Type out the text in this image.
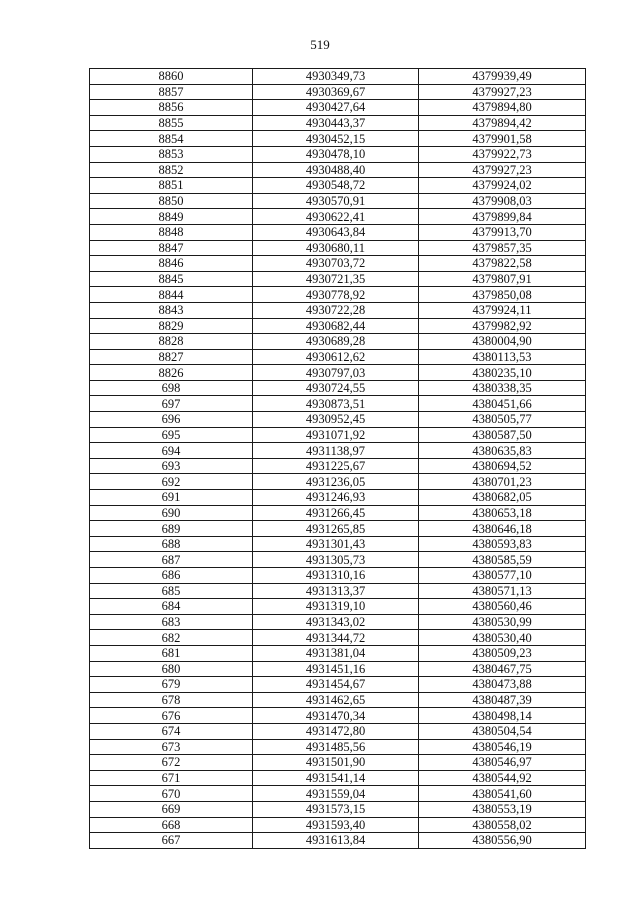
519
8860	4930349,73	4379939,49
8857	4930369,67	4379927,23
8856	4930427,64	4379894,80
8855	4930443,37	4379894,42
8854	4930452,15	4379901,58
8853	4930478,10	4379922,73
8852	4930488,40	4379927,23
8851	4930548,72	4379924,02
8850	4930570,91	4379908,03
8849	4930622,41	4379899,84
8848	4930643,84	4379913,70
8847	4930680,11	4379857,35
8846	4930703,72	4379822,58
8845	4930721,35	4379807,91
8844	4930778,92	4379850,08
8843	4930722,28	4379924,11
8829	4930682,44	4379982,92
8828	4930689,28	4380004,90
8827	4930612,62	4380113,53
8826	4930797,03	4380235,10
698	4930724,55	4380338,35
697	4930873,51	4380451,66
696	4930952,45	4380505,77
695	4931071,92	4380587,50
694	4931138,97	4380635,83
693	4931225,67	4380694,52
692	4931236,05	4380701,23
691	4931246,93	4380682,05
690	4931266,45	4380653,18
689	4931265,85	4380646,18
688	4931301,43	4380593,83
687	4931305,73	4380585,59
686	4931310,16	4380577,10
685	4931313,37	4380571,13
684	4931319,10	4380560,46
683	4931343,02	4380530,99
682	4931344,72	4380530,40
681	4931381,04	4380509,23
680	4931451,16	4380467,75
679	4931454,67	4380473,88
678	4931462,65	4380487,39
676	4931470,34	4380498,14
674	4931472,80	4380504,54
673	4931485,56	4380546,19
672	4931501,90	4380546,97
671	4931541,14	4380544,92
670	4931559,04	4380541,60
669	4931573,15	4380553,19
668	4931593,40	4380558,02
667	4931613,84	4380556,90
